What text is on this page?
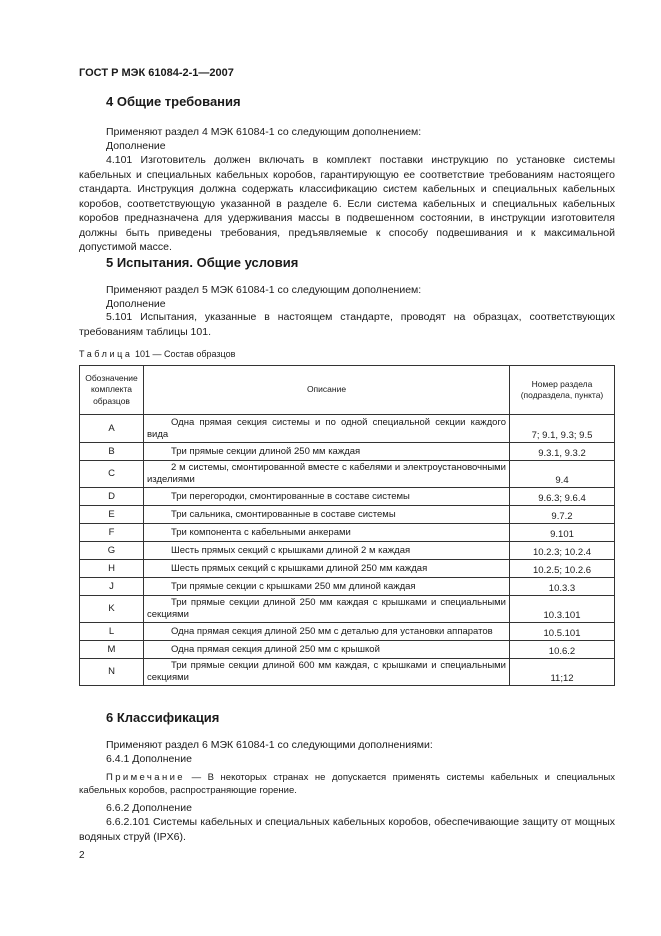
ГОСТ Р МЭК 61084-2-1—2007
4 Общие требования
Применяют раздел 4 МЭК 61084-1 со следующим дополнением:
Дополнение
4.101 Изготовитель должен включать в комплект поставки инструкцию по установке системы кабельных и специальных кабельных коробов, гарантирующую ее соответствие требованиям настоящего стандарта. Инструкция должна содержать классификацию систем кабельных и специальных кабельных коробов, соответствующую указанной в разделе 6. Если система кабельных и специальных кабельных коробов предназначена для удерживания массы в подвешенном состоянии, в инструкции изготовителя должны быть приведены требования, предъявляемые к способу подвешивания и к максимальной допустимой массе.
5 Испытания. Общие условия
Применяют раздел 5 МЭК 61084-1 со следующим дополнением:
Дополнение
5.101 Испытания, указанные в настоящем стандарте, проводят на образцах, соответствующих требованиям таблицы 101.
Таблица 101 — Состав образцов
Обозначение комплекта образцов	Описание	Номер раздела (подраздела, пункта)
A	Одна прямая секция системы и по одной специальной секции каждого вида	7; 9.1, 9.3; 9.5
B	Три прямые секции длиной 250 мм каждая	9.3.1, 9.3.2
C	2 м системы, смонтированной вместе с кабелями и электроустановочными изделиями	9.4
D	Три перегородки, смонтированные в составе системы	9.6.3; 9.6.4
E	Три сальника, смонтированные в составе системы	9.7.2
F	Три компонента с кабельными анкерами	9.101
G	Шесть прямых секций с крышками длиной 2 м каждая	10.2.3; 10.2.4
H	Шесть прямых секций с крышками длиной 250 мм каждая	10.2.5; 10.2.6
J	Три прямые секции с крышками 250 мм длиной каждая	10.3.3
K	Три прямые секции длиной 250 мм каждая с крышками и специальными секциями	10.3.101
L	Одна прямая секция длиной 250 мм с деталью для установки аппаратов	10.5.101
M	Одна прямая секция длиной 250 мм с крышкой	10.6.2
N	Три прямые секции длиной 600 мм каждая, с крышками и специальными секциями	11;12
6 Классификация
Применяют раздел 6 МЭК 61084-1 со следующими дополнениями:
6.4.1 Дополнение
Примечание — В некоторых странах не допускается применять системы кабельных и специальных кабельных коробов, распространяющие горение.
6.6.2 Дополнение
6.6.2.101 Системы кабельных и специальных кабельных коробов, обеспечивающие защиту от мощных водяных струй (IPX6).
2
